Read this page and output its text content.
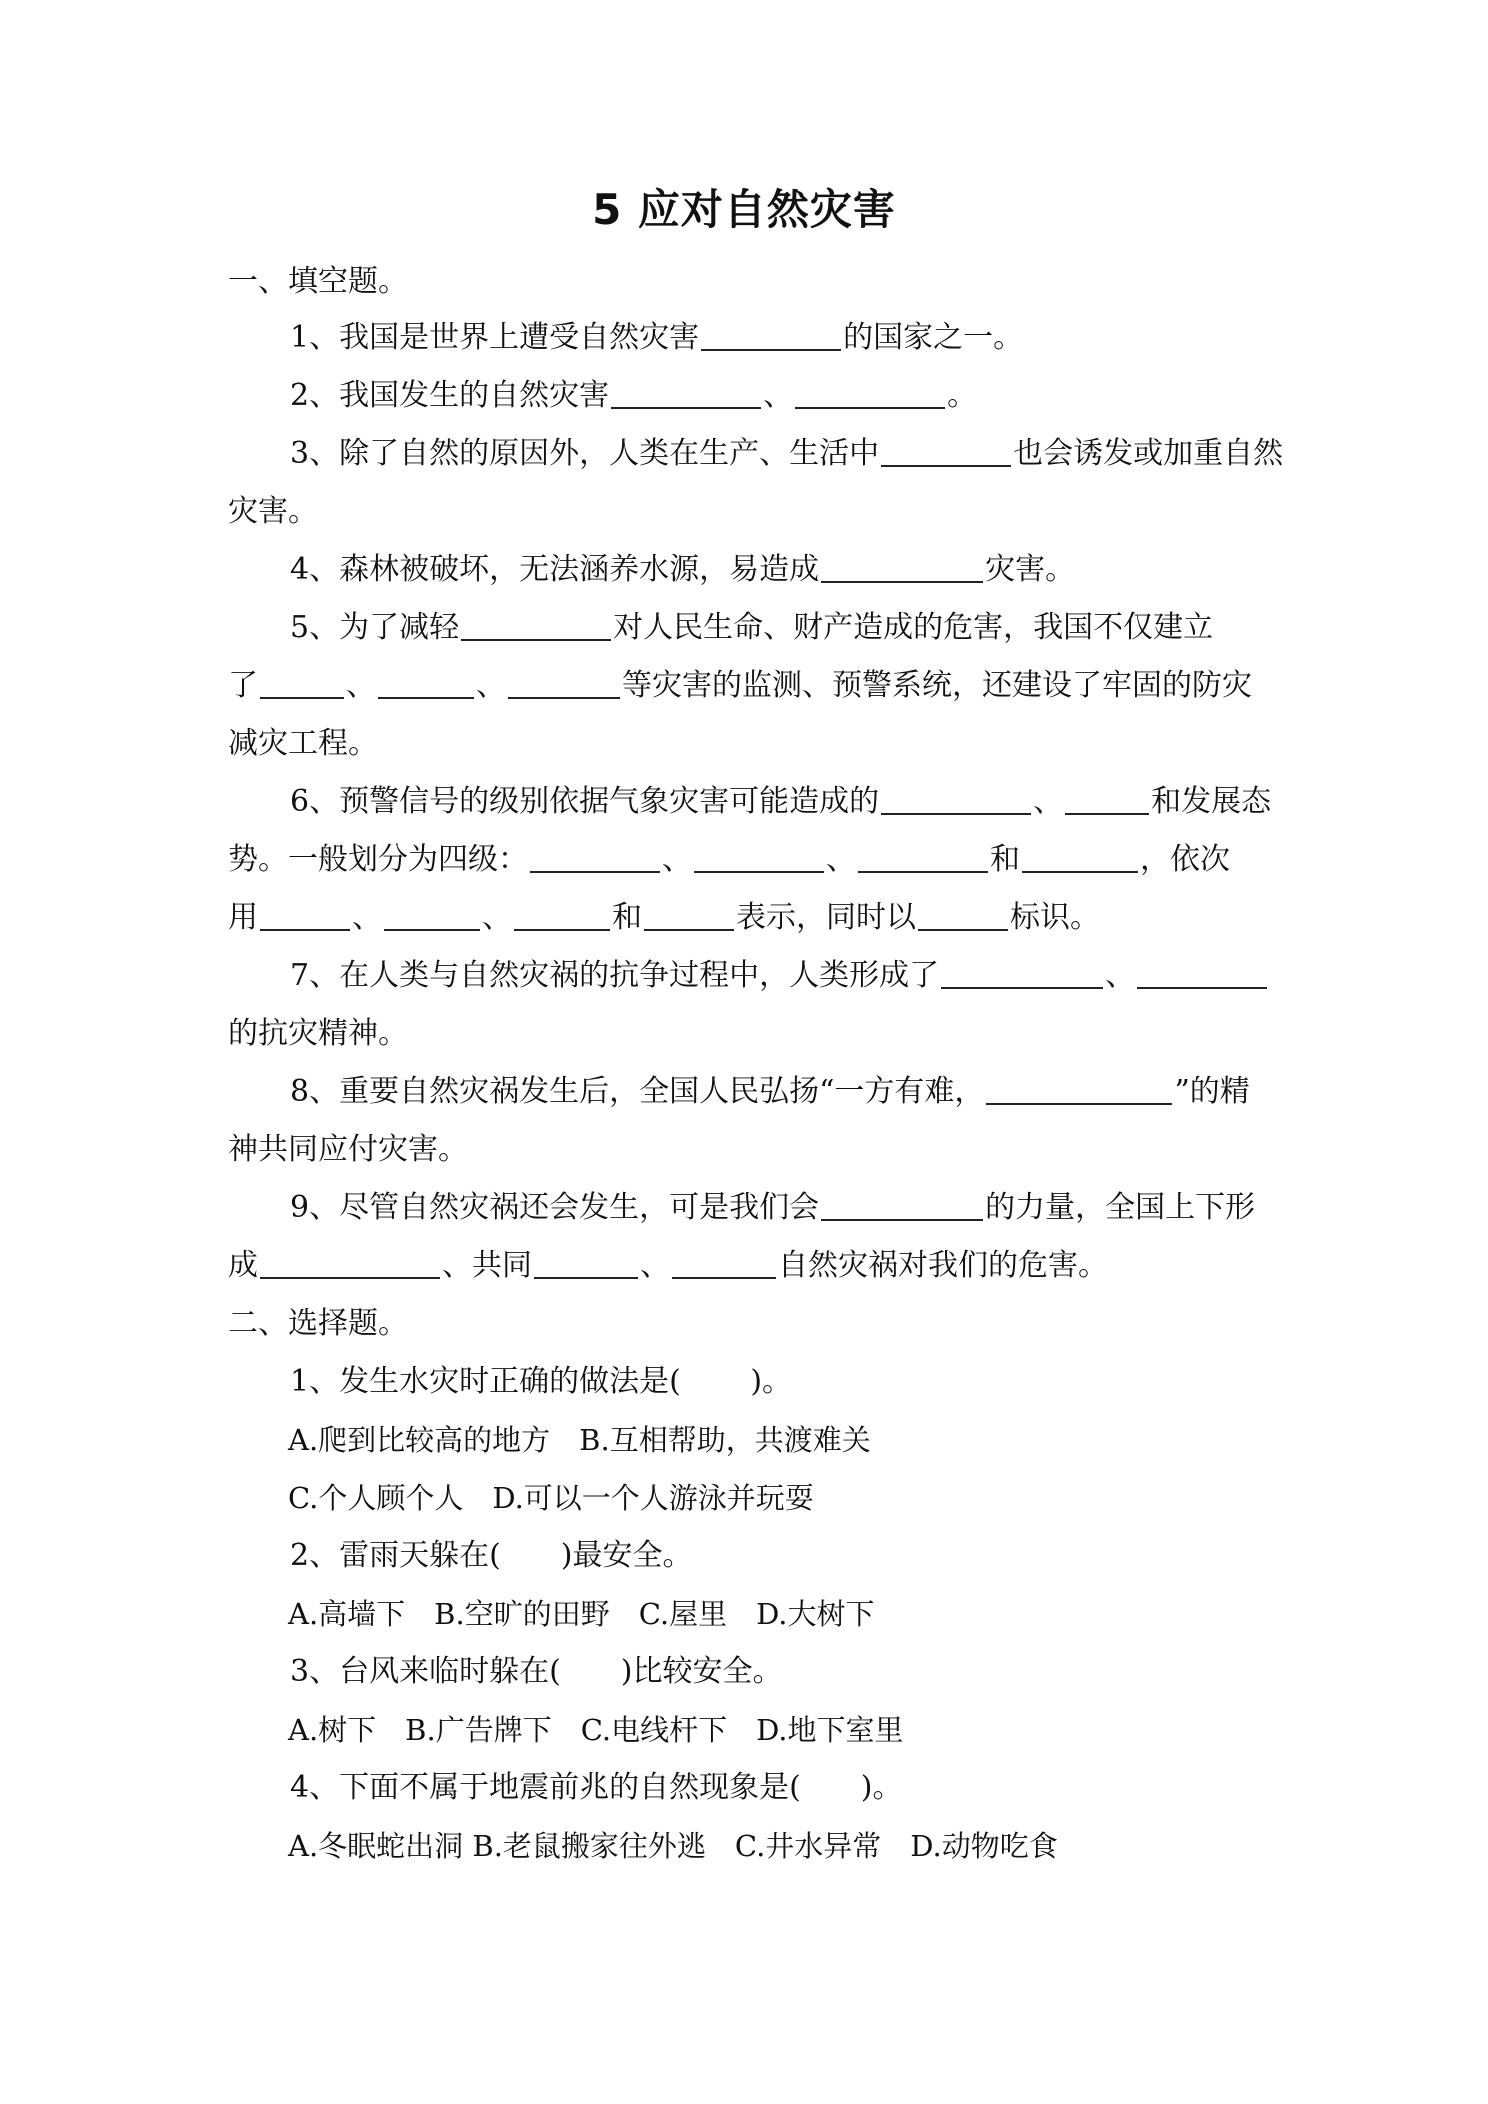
5 应对自然灾害
一、填空题。
1、我国是世界上遭受自然灾害	的国家之一。
2、我国发生的自然灾害	、	。
3、除了自然的原因外，人类在生产、生活中	也会诱发或加重自然
灾害。
4、森林被破坏，无法涵养水源，易造成	灾害。
5、为了减轻	对人民生命、财产造成的危害，我国不仅建立
了	、	、	等灾害的监测、预警系统，还建设了牢固的防灾
减灾工程。
6、预警信号的级别依据气象灾害可能造成的	、	和发展态
势。一般划分为四级：	、	、	和	，依次
用	、	、	和	表示，同时以	标识。
7、在人类与自然灾祸的抗争过程中，人类形成了	、
的抗灾精神。
8、重要自然灾祸发生后，全国人民弘扬“一方有难，	”的精
神共同应付灾害。
9、尽管自然灾祸还会发生，可是我们会	的力量，全国上下形
成	、共同	、	自然灾祸对我们的危害。
二、选择题。
1、发生水灾时正确的做法是(　　 )。
A.爬到比较高的地方　B.互相帮助，共渡难关
C.个人顾个人　D.可以一个人游泳并玩耍
2、雷雨天躲在(　　)最安全。
A.高墙下　B.空旷的田野　C.屋里　D.大树下
3、台风来临时躲在(　　)比较安全。
A.树下　B.广告牌下　C.电线杆下　D.地下室里
4、下面不属于地震前兆的自然现象是(　　)。
A.冬眠蛇出洞 B.老鼠搬家往外逃　C.井水异常　D.动物吃食
